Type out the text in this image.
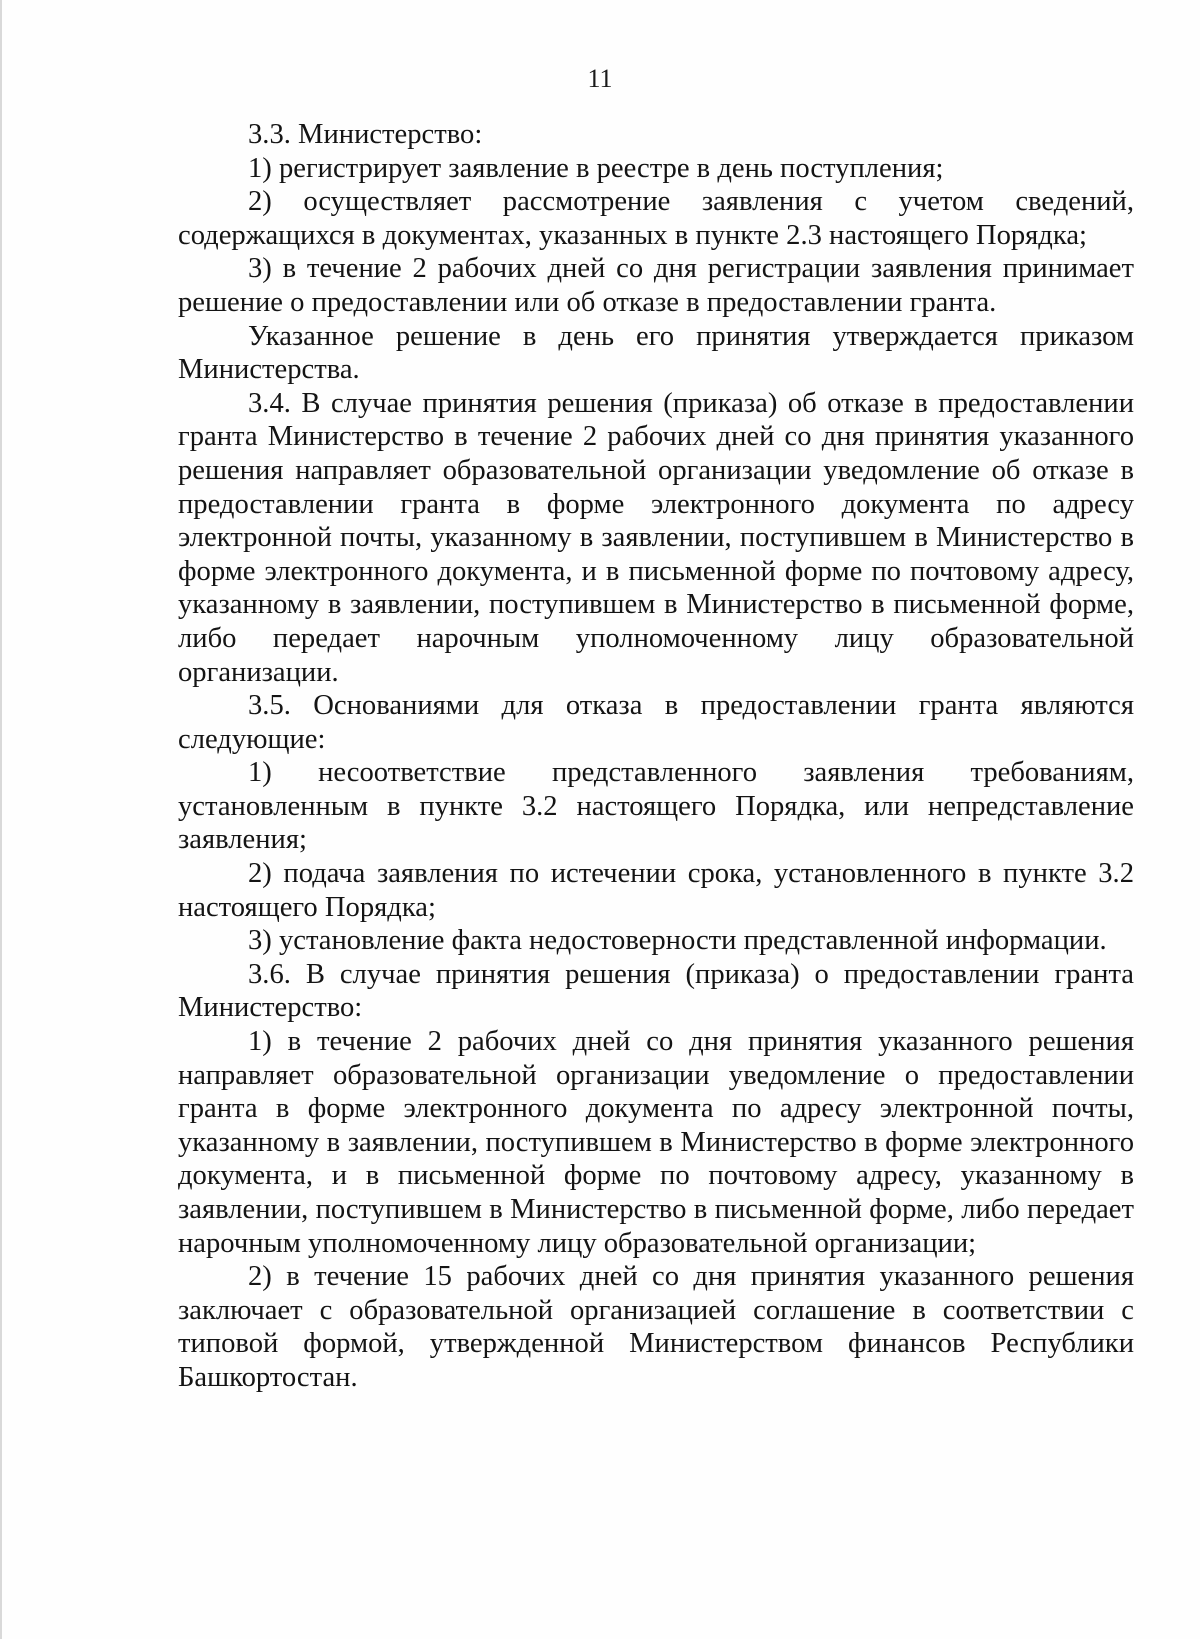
11

3.3. Министерство:

1) регистрирует заявление в реестре в день поступления;

2) осуществляет рассмотрение заявления с учетом сведений, содержащихся в документах, указанных в пункте 2.3 настоящего Порядка;

3) в течение 2 рабочих дней со дня регистрации заявления принимает решение о предоставлении или об отказе в предоставлении гранта.

Указанное решение в день его принятия утверждается приказом Министерства.

3.4. В случае принятия решения (приказа) об отказе в предоставлении гранта Министерство в течение 2 рабочих дней со дня принятия указанного решения направляет образовательной организации уведомление об отказе в предоставлении гранта в форме электронного документа по адресу электронной почты, указанному в заявлении, поступившем в Министерство в форме электронного документа, и в письменной форме по почтовому адресу, указанному в заявлении, поступившем в Министерство в письменной форме, либо передает нарочным уполномоченному лицу образовательной организации.

3.5. Основаниями для отказа в предоставлении гранта являются следующие:

1) несоответствие представленного заявления требованиям, установленным в пункте 3.2 настоящего Порядка, или непредставление заявления;

2) подача заявления по истечении срока, установленного в пункте 3.2 настоящего Порядка;

3) установление факта недостоверности представленной информации.

3.6. В случае принятия решения (приказа) о предоставлении гранта Министерство:

1) в течение 2 рабочих дней со дня принятия указанного решения направляет образовательной организации уведомление о предоставлении гранта в форме электронного документа по адресу электронной почты, указанному в заявлении, поступившем в Министерство в форме электронного документа, и в письменной форме по почтовому адресу, указанному в заявлении, поступившем в Министерство в письменной форме, либо передает нарочным уполномоченному лицу образовательной организации;

2) в течение 15 рабочих дней со дня принятия указанного решения заключает с образовательной организацией соглашение в соответствии с типовой формой, утвержденной Министерством финансов Республики Башкортостан.
